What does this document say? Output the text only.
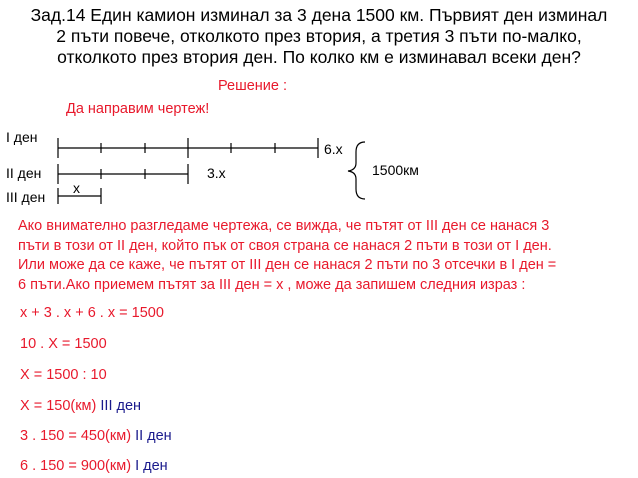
Зад.14 Един камион изминал за 3 дена 1500 км. Първият ден изминал
2 пъти повече, отколкото през втория, а третия 3 пъти по-малко,
отколкото през втория ден. По колко км е изминавал всеки ден?
Решение :
Да направим чертеж!
I ден
II ден
III ден
6.x
3.x
x
1500км
Ако внимателно разгледаме чертежа, се вижда, че пътят от III ден се нанася 3
пъти в този от II ден, който пък от своя страна се нанася 2 пъти в този от I ден.
Или може да се каже, че пътят от III ден се нанася 2 пъти по 3 отсечки в I ден =
6 пъти.Ако приемем пътят за III ден = x , може да запишем следния израз :
x + 3 . x + 6 . x = 1500
10 . X = 1500
X = 1500 : 10
X = 150(км) III ден
3 . 150 = 450(км) II ден
6 . 150 = 900(км) I ден
